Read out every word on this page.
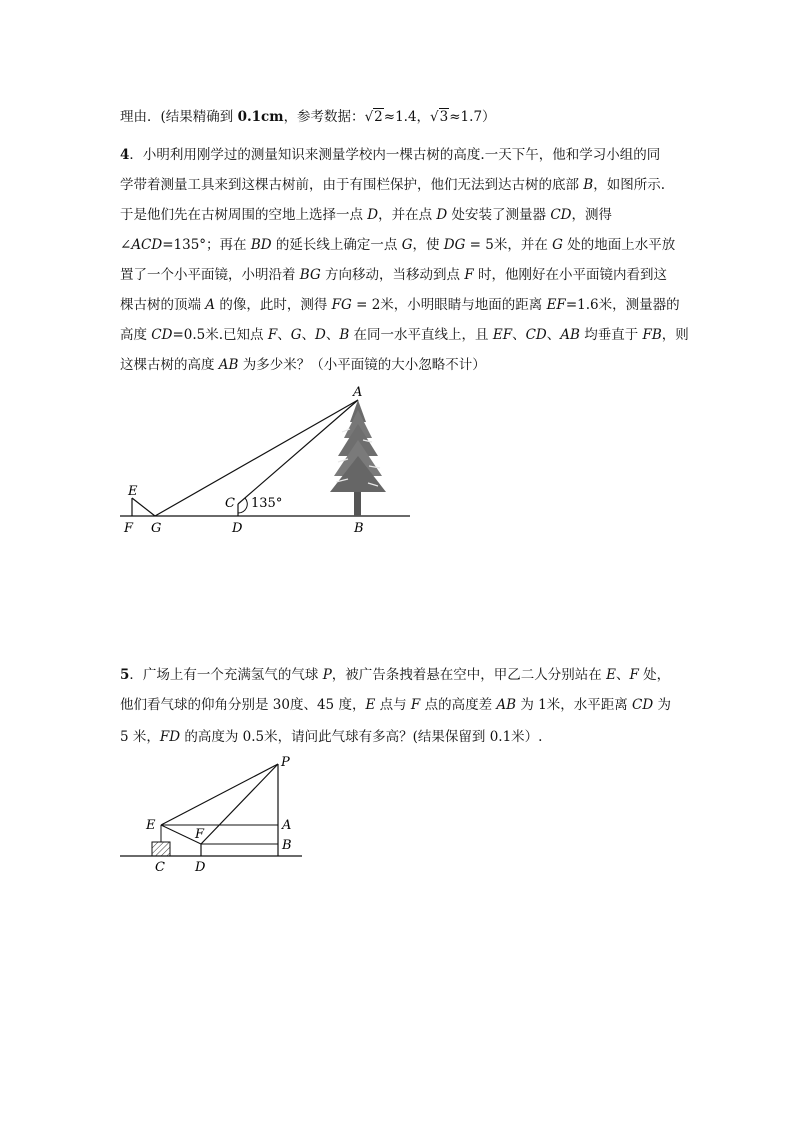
理由．(结果精确到 0.1cm，参考数据：√2≈1.4，√3≈1.7）
4．小明利用刚学过的测量知识来测量学校内一棵古树的高度.一天下午，他和学习小组的同
学带着测量工具来到这棵古树前，由于有围栏保护，他们无法到达古树的底部 B，如图所示.
于是他们先在古树周围的空地上选择一点 D，并在点 D 处安装了测量器 CD，测得
∠ACD=135°；再在 BD 的延长线上确定一点 G，使 DG = 5米，并在 G 处的地面上水平放
置了一个小平面镜，小明沿着 BG 方向移动，当移动到点 F 时，他刚好在小平面镜内看到这
棵古树的顶端 A 的像，此时，测得 FG = 2米，小明眼睛与地面的距离 EF=1.6米，测量器的
高度 CD=0.5米.已知点 F、G、D、B 在同一水平直线上，且 EF、CD、AB 均垂直于 FB，则
这棵古树的高度 AB 为多少米？（小平面镜的大小忽略不计）
A
E
F G
C 135°
D	B
5．广场上有一个充满氢气的气球 P，被广告条拽着悬在空中，甲乙二人分别站在 E、F 处，
他们看气球的仰角分别是 30度、45 度，E 点与 F 点的高度差 AB 为 1米，水平距离 CD 为
5 米，FD 的高度为 0.5米，请问此气球有多高？(结果保留到 0.1米）.
P
E
F
A
B
C D
